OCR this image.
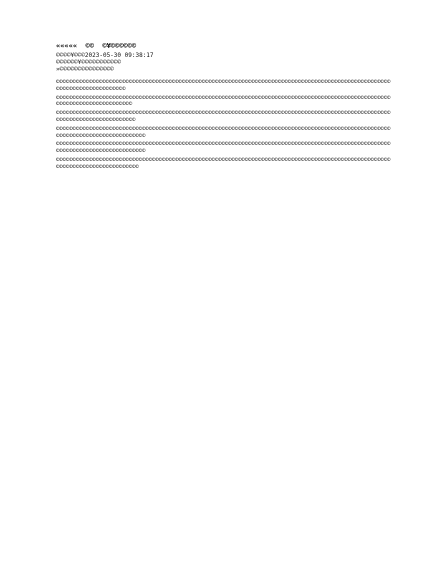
«««««  ©©  ©¥©©©©©©
©©©©¥©©©2023-05-30 09:38:17
©©©©©©¥©©©©©©©©©©©
»©©©©©©©©©©©©©©©
©©©©©©©©©©©©©©©©©©©©©©©©©©©©©©©©©©©©©©©©©©©©©©©©©©©©©©©©©©©©©©©©©©©©©©©©©©©©©©©©©©©©©©©©©©©©©©©©©©©©©©©©©©©©©©©©©©©©©©©©©©
©©©©©©©©©©©©©©©©©©©©©©©©©©©©©©©©©©©©©©©©©©©©©©©©©©©©©©©©©©©©©©©©©©©©©©©©©©©©©©©©©©©©©©©©©©©©©©©©©©©©©©©©©©©©©©©©©©©©©©©©©©©©
©©©©©©©©©©©©©©©©©©©©©©©©©©©©©©©©©©©©©©©©©©©©©©©©©©©©©©©©©©©©©©©©©©©©©©©©©©©©©©©©©©©©©©©©©©©©©©©©©©©©©©©©©©©©©©©©©©©©©©©©©©©©©
©©©©©©©©©©©©©©©©©©©©©©©©©©©©©©©©©©©©©©©©©©©©©©©©©©©©©©©©©©©©©©©©©©©©©©©©©©©©©©©©©©©©©©©©©©©©©©©©©©©©©©©©©©©©©©©©©©©©©©©©©©©©©©©©
©©©©©©©©©©©©©©©©©©©©©©©©©©©©©©©©©©©©©©©©©©©©©©©©©©©©©©©©©©©©©©©©©©©©©©©©©©©©©©©©©©©©©©©©©©©©©©©©©©©©©©©©©©©©©©©©©©©©©©©©©©©©©©©©
©©©©©©©©©©©©©©©©©©©©©©©©©©©©©©©©©©©©©©©©©©©©©©©©©©©©©©©©©©©©©©©©©©©©©©©©©©©©©©©©©©©©©©©©©©©©©©©©©©©©©©©©©©©©©©©©©©©©©©©©©©©©©©
